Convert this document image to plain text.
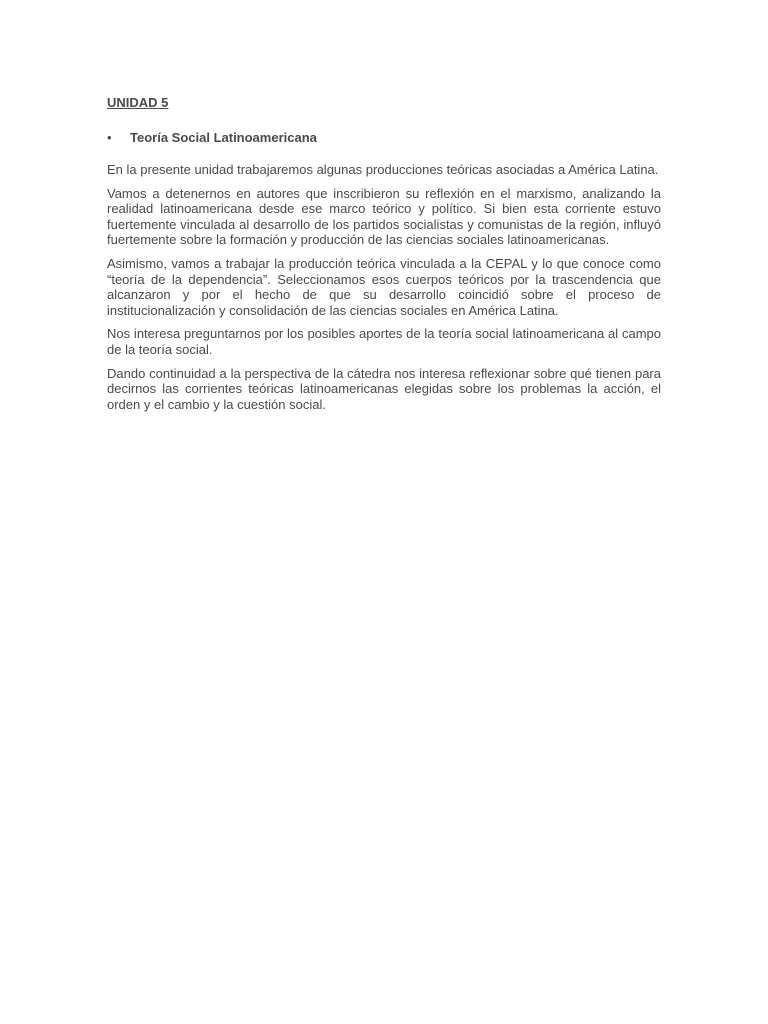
UNIDAD 5
•	Teoría Social Latinoamericana

En la presente unidad trabajaremos algunas producciones teóricas asociadas a América Latina.

Vamos a detenernos en autores que inscribieron su reflexión en el marxismo, analizando la realidad latinoamericana desde ese marco teórico y político. Si bien esta corriente estuvo fuertemente vinculada al desarrollo de los partidos socialistas y comunistas de la región, influyó fuertemente sobre la formación y producción de las ciencias sociales latinoamericanas.

Asimismo, vamos a trabajar la producción teórica vinculada a la CEPAL y lo que conoce como “teoría de la dependencia”. Seleccionamos esos cuerpos teóricos por la trascendencia que alcanzaron y por el hecho de que su desarrollo coincidió sobre el proceso de institucionalización y consolidación de las ciencias sociales en América Latina.

Nos interesa preguntarnos por los posibles aportes de la teoría social latinoamericana al campo de la teoría social.

Dando continuidad a la perspectiva de la cátedra nos interesa reflexionar sobre qué tienen para decirnos las corrientes teóricas latinoamericanas elegidas sobre los problemas la acción, el orden y el cambio y la cuestión social.
